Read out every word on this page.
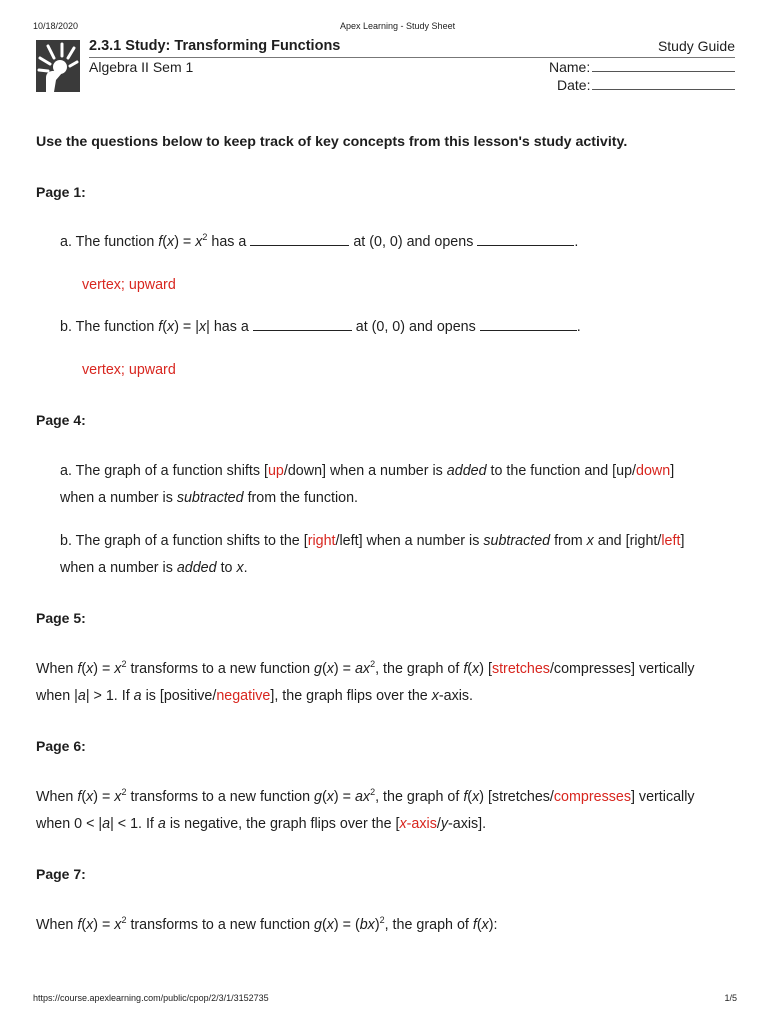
10/18/2020	Apex Learning - Study Sheet
2.3.1 Study: Transforming Functions	Study Guide
Algebra II Sem 1	Name:
Date:
Use the questions below to keep track of key concepts from this lesson's study activity.
Page 1:
a. The function $f(x) = x^2$ has a	at (0, 0) and opens	.
vertex; upward
b. The function f(x) = |x| has a	at (0, 0) and opens	.
vertex; upward
Page 4:
a. The graph of a function shifts [up/down] when a number is added to the function and [up/down]
when a number is subtracted from the function.
b. The graph of a function shifts to the [right/left] when a number is subtracted from x and [right/left]
when a number is added to x.
Page 5:
When $f(x) = x^2$ transforms to a new function $g(x) = ax^2$, the graph of f(x) [stretches/compresses] vertically
when |a| > 1. If a is [positive/negative], the graph flips over the x-axis.
Page 6:
When $f(x) = x^2$ transforms to a new function $g(x) = ax^2$, the graph of f(x) [stretches/compresses] vertically
when 0 < |a| < 1. If a is negative, the graph flips over the [x-axis/y-axis].
Page 7:
When $f(x) = x^2$ transforms to a new function g(x) = (bx)$^2$, the graph of f(x):
https://course.apexlearning.com/public/cpop/2/3/1/3152735	1/5
